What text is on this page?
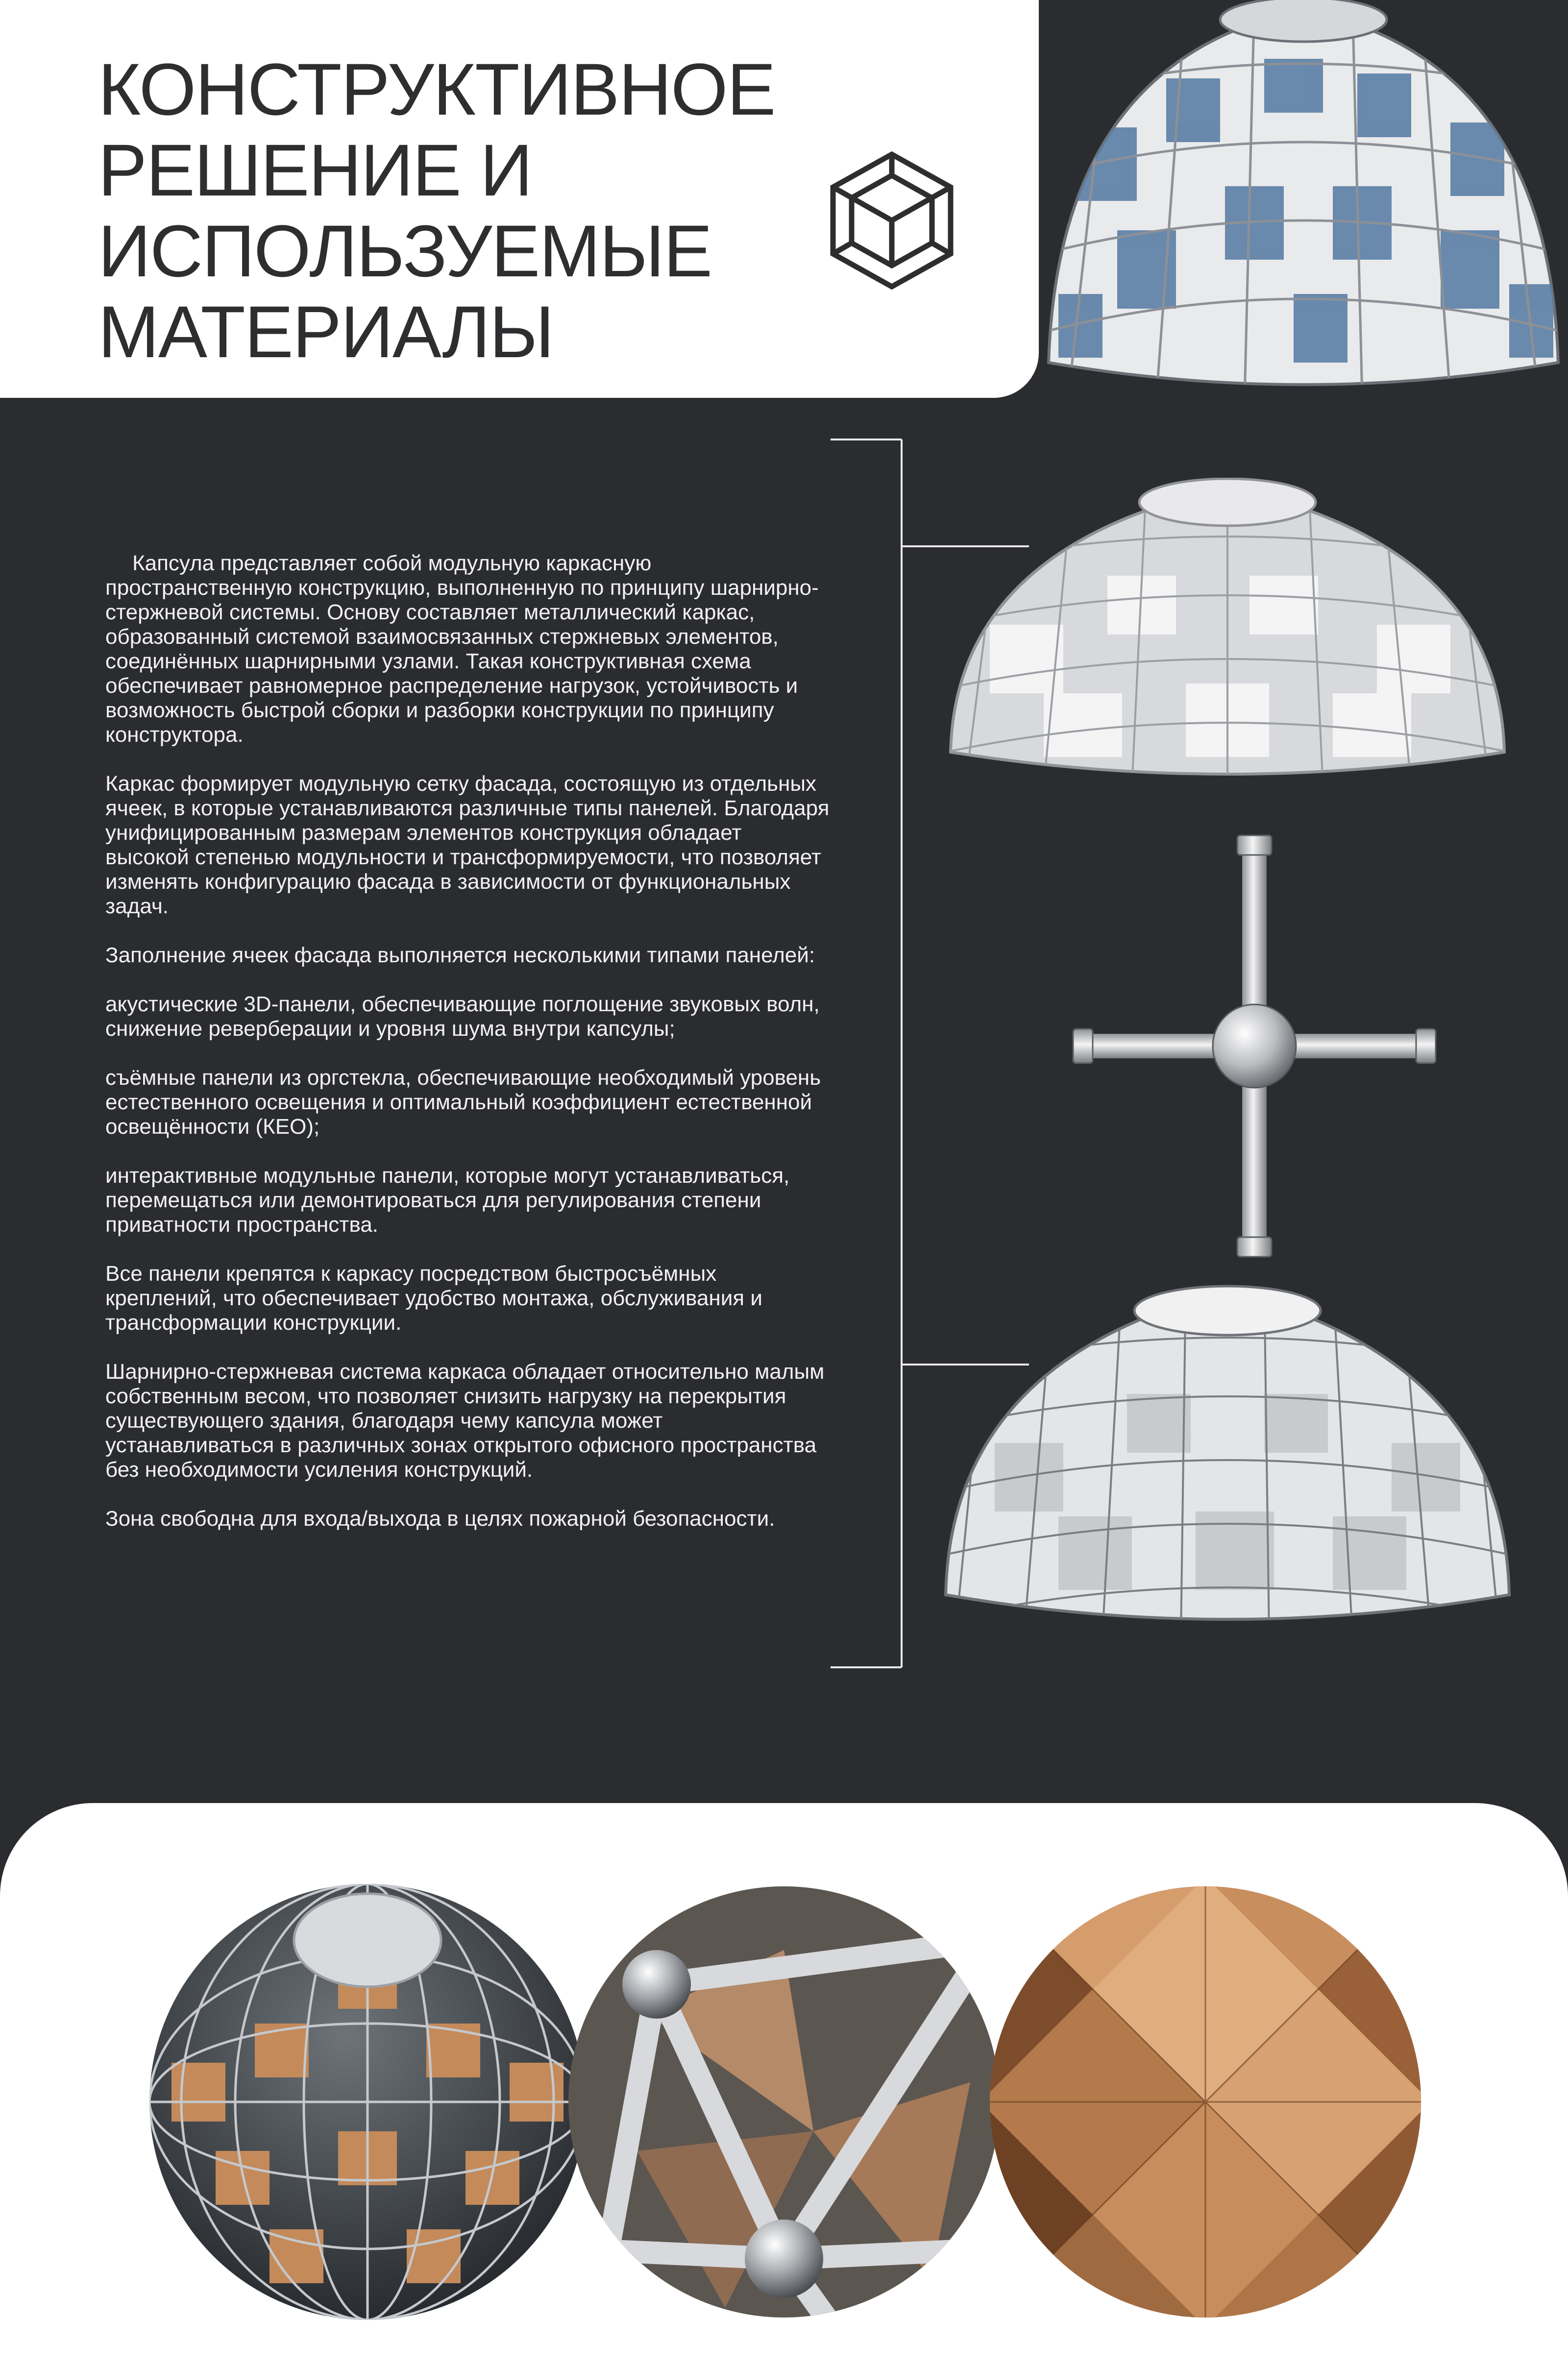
КОНСТРУКТИВНОЕ
РЕШЕНИЕ И
ИСПОЛЬЗУЕМЫЕ
МАТЕРИАЛЫ

Капсула представляет собой модульную каркасную пространственную конструкцию, выполненную по принципу шарнирно-стержневой системы. Основу составляет металлический каркас, образованный системой взаимосвязанных стержневых элементов, соединённых шарнирными узлами. Такая конструктивная схема обеспечивает равномерное распределение нагрузок, устойчивость и возможность быстрой сборки и разборки конструкции по принципу конструктора.

Каркас формирует модульную сетку фасада, состоящую из отдельных ячеек, в которые устанавливаются различные типы панелей. Благодаря унифицированным размерам элементов конструкция обладает высокой степенью модульности и трансформируемости, что позволяет изменять конфигурацию фасада в зависимости от функциональных задач.

Заполнение ячеек фасада выполняется несколькими типами панелей:

акустические 3D-панели, обеспечивающие поглощение звуковых волн, снижение реверберации и уровня шума внутри капсулы;

съёмные панели из оргстекла, обеспечивающие необходимый уровень естественного освещения и оптимальный коэффициент естественной освещённости (КЕО);

интерактивные модульные панели, которые могут устанавливаться, перемещаться или демонтироваться для регулирования степени приватности пространства.

Все панели крепятся к каркасу посредством быстросъёмных креплений, что обеспечивает удобство монтажа, обслуживания и трансформации конструкции.

Шарнирно-стержневая система каркаса обладает относительно малым собственным весом, что позволяет снизить нагрузку на перекрытия существующего здания, благодаря чему капсула может устанавливаться в различных зонах открытого офисного пространства без необходимости усиления конструкций.

Зона свободна для входа/выхода в целях пожарной безопасности.
